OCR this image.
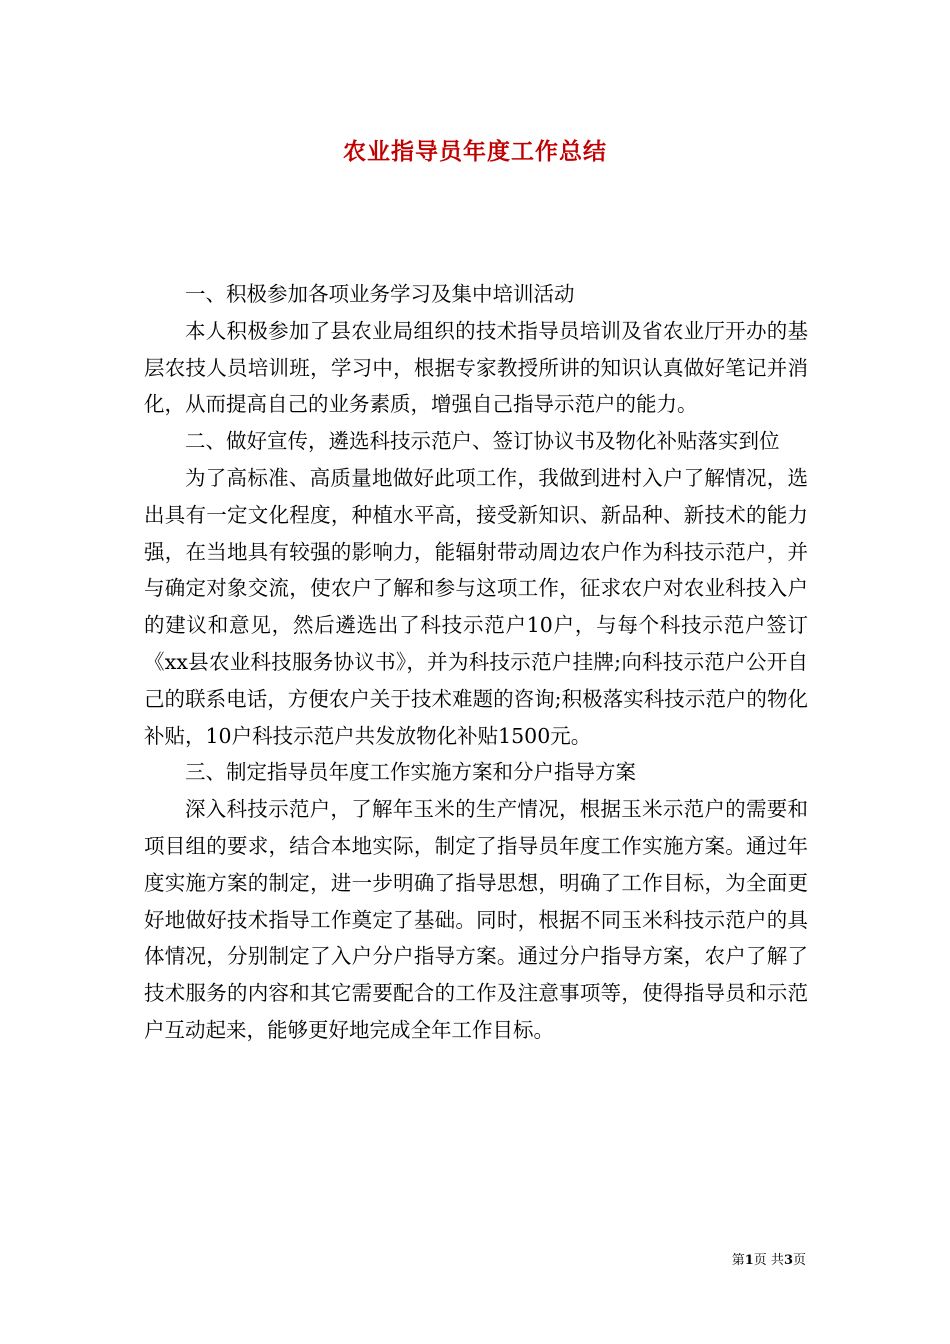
农业指导员年度工作总结

一、积极参加各项业务学习及集中培训活动

本人积极参加了县农业局组织的技术指导员培训及省农业厅开办的基层农技人员培训班，学习中，根据专家教授所讲的知识认真做好笔记并消化，从而提高自己的业务素质，增强自己指导示范户的能力。

二、做好宣传，遴选科技示范户、签订协议书及物化补贴落实到位

为了高标准、高质量地做好此项工作，我做到进村入户了解情况，选出具有一定文化程度，种植水平高，接受新知识、新品种、新技术的能力强，在当地具有较强的影响力，能辐射带动周边农户作为科技示范户，并与确定对象交流，使农户了解和参与这项工作，征求农户对农业科技入户的建议和意见，然后遴选出了科技示范户10户，与每个科技示范户签订《xx县农业科技服务协议书》，并为科技示范户挂牌;向科技示范户公开自己的联系电话，方便农户关于技术难题的咨询;积极落实科技示范户的物化补贴，10户科技示范户共发放物化补贴1500元。

三、制定指导员年度工作实施方案和分户指导方案

深入科技示范户，了解年玉米的生产情况，根据玉米示范户的需要和项目组的要求，结合本地实际，制定了指导员年度工作实施方案。通过年度实施方案的制定，进一步明确了指导思想，明确了工作目标，为全面更好地做好技术指导工作奠定了基础。同时，根据不同玉米科技示范户的具体情况，分别制定了入户分户指导方案。通过分户指导方案，农户了解了技术服务的内容和其它需要配合的工作及注意事项等，使得指导员和示范户互动起来，能够更好地完成全年工作目标。

第1页 共3页
